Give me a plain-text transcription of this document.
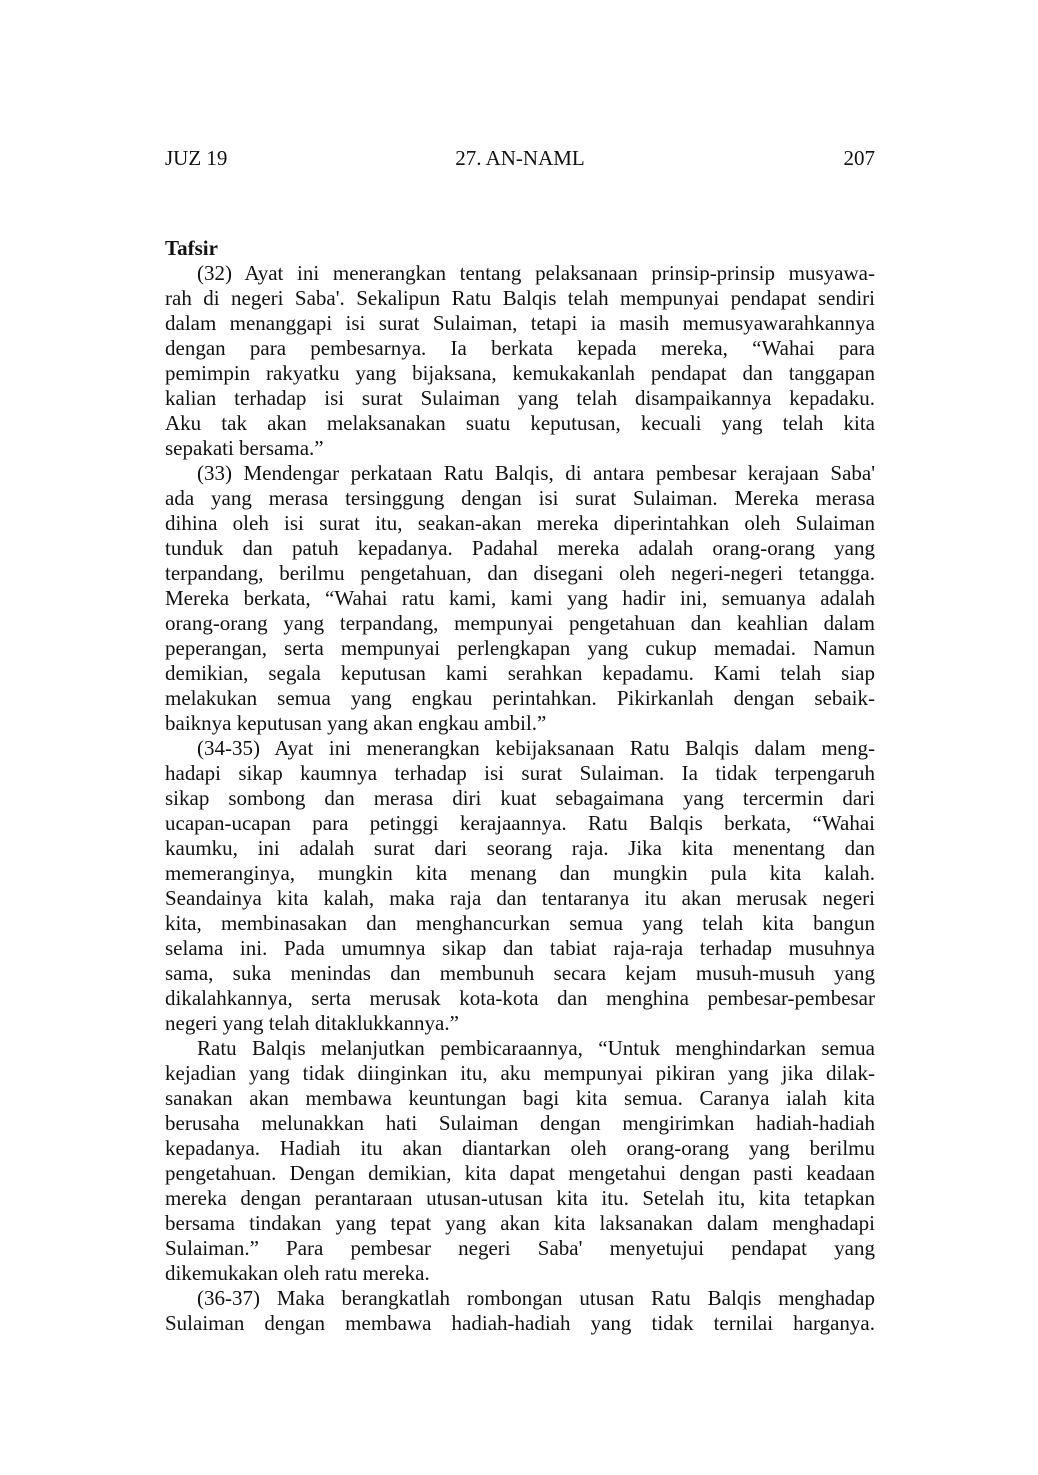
JUZ 19	27. AN-NAML	207
Tafsir
(32) Ayat ini menerangkan tentang pelaksanaan prinsip-prinsip musyawa-
rah di negeri Saba'. Sekalipun Ratu Balqis telah mempunyai pendapat sendiri
dalam menanggapi isi surat Sulaiman, tetapi ia masih memusyawarahkannya
dengan para pembesarnya. Ia berkata kepada mereka, “Wahai para
pemimpin rakyatku yang bijaksana, kemukakanlah pendapat dan tanggapan
kalian terhadap isi surat Sulaiman yang telah disampaikannya kepadaku.
Aku tak akan melaksanakan suatu keputusan, kecuali yang telah kita
sepakati bersama.”
(33) Mendengar perkataan Ratu Balqis, di antara pembesar kerajaan Saba'
ada yang merasa tersinggung dengan isi surat Sulaiman. Mereka merasa
dihina oleh isi surat itu, seakan-akan mereka diperintahkan oleh Sulaiman
tunduk dan patuh kepadanya. Padahal mereka adalah orang-orang yang
terpandang, berilmu pengetahuan, dan disegani oleh negeri-negeri tetangga.
Mereka berkata, “Wahai ratu kami, kami yang hadir ini, semuanya adalah
orang-orang yang terpandang, mempunyai pengetahuan dan keahlian dalam
peperangan, serta mempunyai perlengkapan yang cukup memadai. Namun
demikian, segala keputusan kami serahkan kepadamu. Kami telah siap
melakukan semua yang engkau perintahkan. Pikirkanlah dengan sebaik-
baiknya keputusan yang akan engkau ambil.”
(34-35) Ayat ini menerangkan kebijaksanaan Ratu Balqis dalam meng-
hadapi sikap kaumnya terhadap isi surat Sulaiman. Ia tidak terpengaruh
sikap sombong dan merasa diri kuat sebagaimana yang tercermin dari
ucapan-ucapan para petinggi kerajaannya. Ratu Balqis berkata, “Wahai
kaumku, ini adalah surat dari seorang raja. Jika kita menentang dan
memeranginya, mungkin kita menang dan mungkin pula kita kalah.
Seandainya kita kalah, maka raja dan tentaranya itu akan merusak negeri
kita, membinasakan dan menghancurkan semua yang telah kita bangun
selama ini. Pada umumnya sikap dan tabiat raja-raja terhadap musuhnya
sama, suka menindas dan membunuh secara kejam musuh-musuh yang
dikalahkannya, serta merusak kota-kota dan menghina pembesar-pembesar
negeri yang telah ditaklukkannya.”
Ratu Balqis melanjutkan pembicaraannya, “Untuk menghindarkan semua
kejadian yang tidak diinginkan itu, aku mempunyai pikiran yang jika dilak-
sanakan akan membawa keuntungan bagi kita semua. Caranya ialah kita
berusaha melunakkan hati Sulaiman dengan mengirimkan hadiah-hadiah
kepadanya. Hadiah itu akan diantarkan oleh orang-orang yang berilmu
pengetahuan. Dengan demikian, kita dapat mengetahui dengan pasti keadaan
mereka dengan perantaraan utusan-utusan kita itu. Setelah itu, kita tetapkan
bersama tindakan yang tepat yang akan kita laksanakan dalam menghadapi
Sulaiman.” Para pembesar negeri Saba' menyetujui pendapat yang
dikemukakan oleh ratu mereka.
(36-37) Maka berangkatlah rombongan utusan Ratu Balqis menghadap
Sulaiman dengan membawa hadiah-hadiah yang tidak ternilai harganya.
